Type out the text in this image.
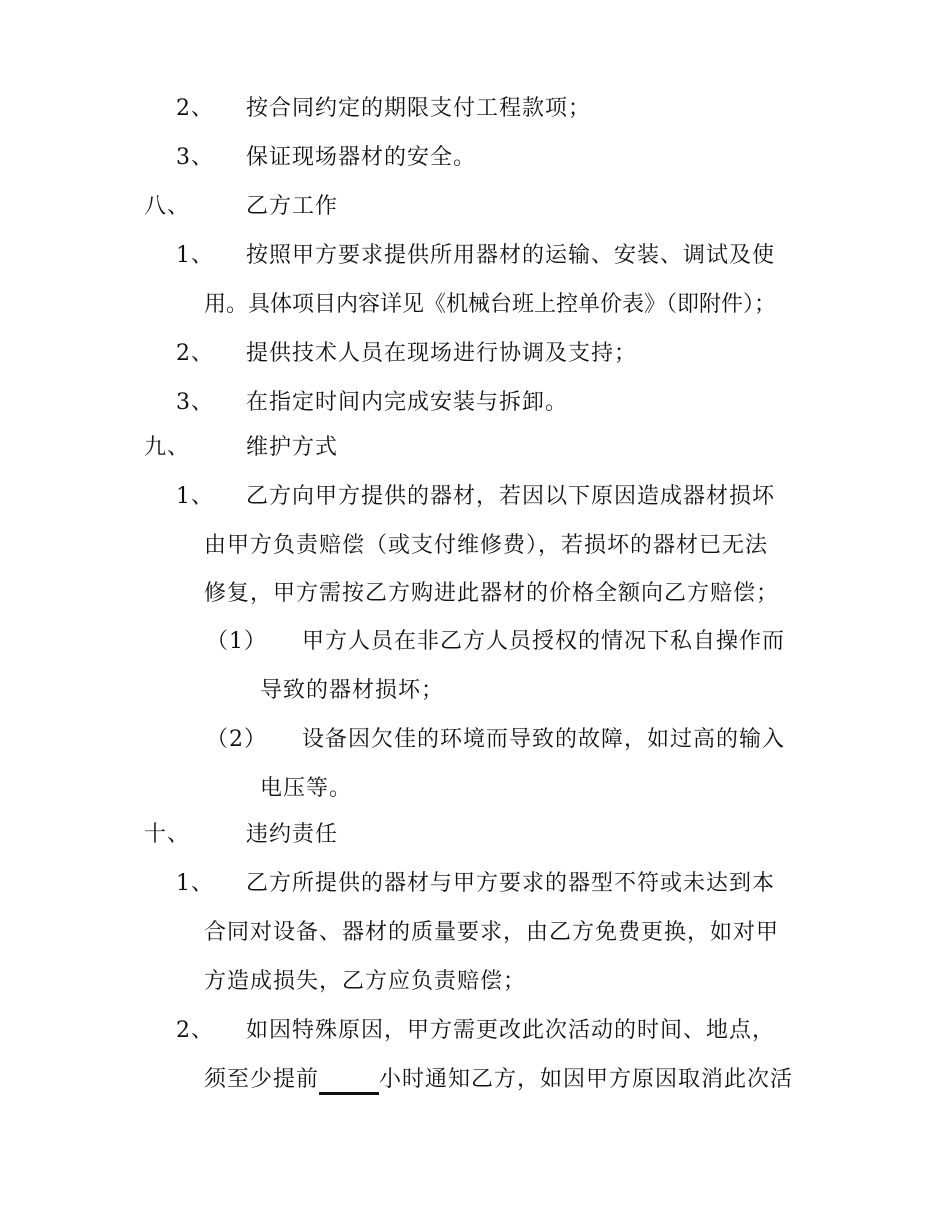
2、 按合同约定的期限支付工程款项；
3、 保证现场器材的安全。
八、	乙方工作
1、 按照甲方要求提供所用器材的运输、安装、调试及使
用。具体项目内容详见《机械台班上控单价表》（即附件）；
2、 提供技术人员在现场进行协调及支持；
3、 在指定时间内完成安装与拆卸。
九、	维护方式
1、 乙方向甲方提供的器材，若因以下原因造成器材损坏
由甲方负责赔偿（或支付维修费），若损坏的器材已无法
修复，甲方需按乙方购进此器材的价格全额向乙方赔偿；
（1） 甲方人员在非乙方人员授权的情况下私自操作而
导致的器材损坏；
（2） 设备因欠佳的环境而导致的故障，如过高的输入
电压等。
十、	违约责任
1、 乙方所提供的器材与甲方要求的器型不符或未达到本
合同对设备、器材的质量要求，由乙方免费更换，如对甲
方造成损失，乙方应负责赔偿；
2、 如因特殊原因，甲方需更改此次活动的时间、地点，
须至少提前	小时通知乙方，如因甲方原因取消此次活
